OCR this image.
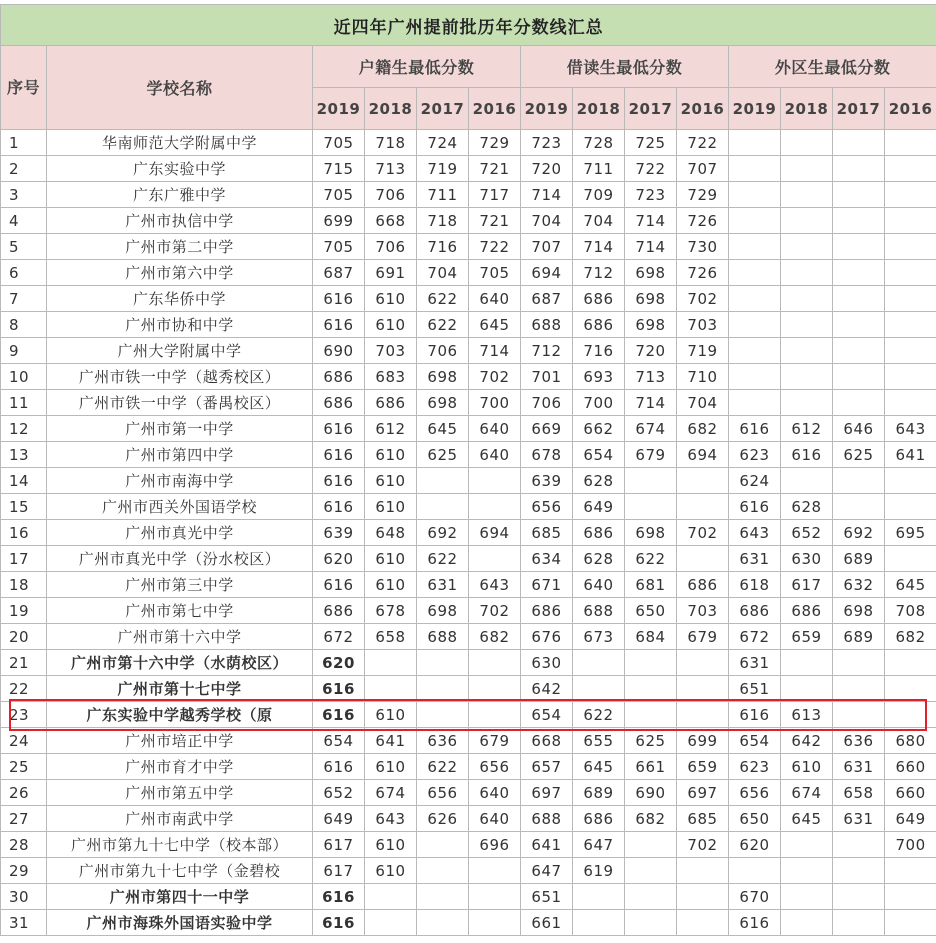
近四年广州提前批历年分数线汇总													
序号	学校名称	户籍生最低分数				借读生最低分数				外区生最低分数			
		2019	2018	2017	2016	2019	2018	2017	2016	2019	2018	2017	2016
1	华南师范大学附属中学	705	718	724	729	723	728	725	722				
2	广东实验中学	715	713	719	721	720	711	722	707				
3	广东广雅中学	705	706	711	717	714	709	723	729				
4	广州市执信中学	699	668	718	721	704	704	714	726				
5	广州市第二中学	705	706	716	722	707	714	714	730				
6	广州市第六中学	687	691	704	705	694	712	698	726				
7	广东华侨中学	616	610	622	640	687	686	698	702				
8	广州市协和中学	616	610	622	645	688	686	698	703				
9	广州大学附属中学	690	703	706	714	712	716	720	719				
10	广州市铁一中学（越秀校区）	686	683	698	702	701	693	713	710				
11	广州市铁一中学（番禺校区）	686	686	698	700	706	700	714	704				
12	广州市第一中学	616	612	645	640	669	662	674	682	616	612	646	643
13	广州市第四中学	616	610	625	640	678	654	679	694	623	616	625	641
14	广州市南海中学	616	610			639	628			624			
15	广州市西关外国语学校	616	610			656	649			616	628		
16	广州市真光中学	639	648	692	694	685	686	698	702	643	652	692	695
17	广州市真光中学（汾水校区）	620	610	622		634	628	622		631	630	689	
18	广州市第三中学	616	610	631	643	671	640	681	686	618	617	632	645
19	广州市第七中学	686	678	698	702	686	688	650	703	686	686	698	708
20	广州市第十六中学	672	658	688	682	676	673	684	679	672	659	689	682
21	广州市第十六中学（水荫校区）	620				630				631			
22	广州市第十七中学	616				642				651			
23	广东实验中学越秀学校（原	616	610			654	622			616	613		
24	广州市培正中学	654	641	636	679	668	655	625	699	654	642	636	680
25	广州市育才中学	616	610	622	656	657	645	661	659	623	610	631	660
26	广州市第五中学	652	674	656	640	697	689	690	697	656	674	658	660
27	广州市南武中学	649	643	626	640	688	686	682	685	650	645	631	649
28	广州市第九十七中学（校本部）	617	610		696	641	647		702	620			700
29	广州市第九十七中学（金碧校	617	610			647	619						
30	广州市第四十一中学	616				651				670			
31	广州市海珠外国语实验中学	616				661				616			
